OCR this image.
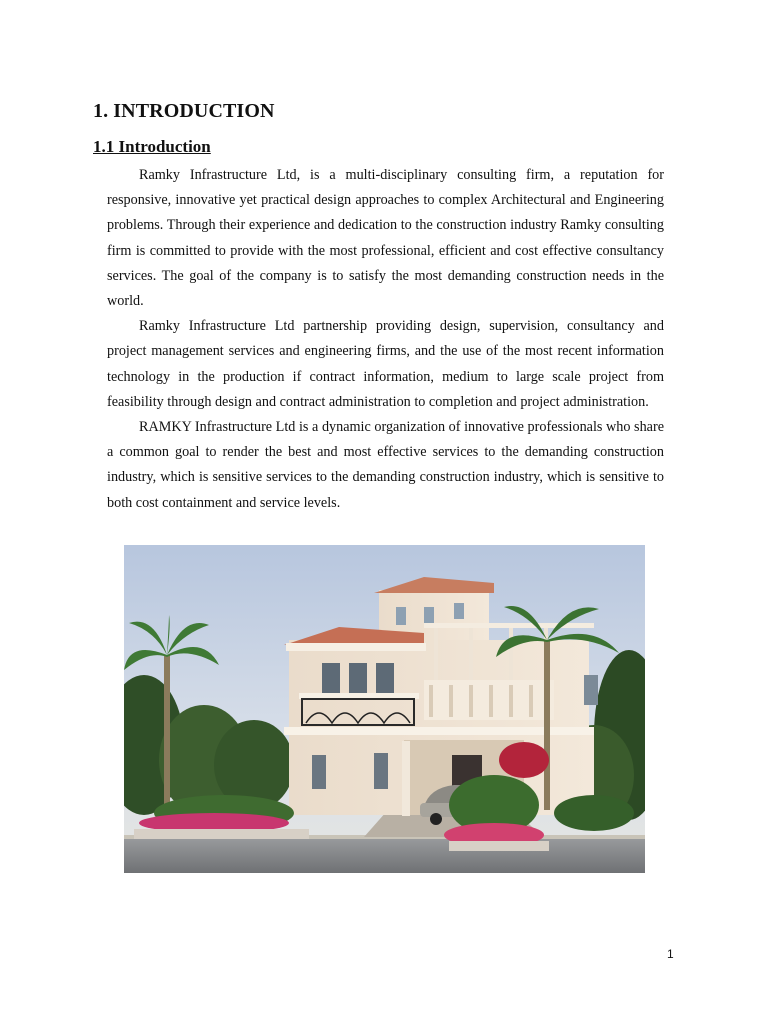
1. INTRODUCTION
1.1 Introduction

Ramky Infrastructure Ltd, is a multi-disciplinary consulting firm, a reputation for responsive, innovative yet practical design approaches to complex Architectural and Engineering problems. Through their experience and dedication to the construction industry Ramky consulting firm is committed to provide with the most professional, efficient and cost effective consultancy services. The goal of the company is to satisfy the most demanding construction needs in the world.

Ramky Infrastructure Ltd partnership providing design, supervision, consultancy and project management services and engineering firms, and the use of the most recent information technology in the production if contract information, medium to large scale project from feasibility through design and contract administration to completion and project administration.

RAMKY Infrastructure Ltd is a dynamic organization of innovative professionals who share a common goal to render the best and most effective services to the demanding construction industry, which is sensitive services to the demanding construction industry, which is sensitive to both cost containment and service levels.

1
